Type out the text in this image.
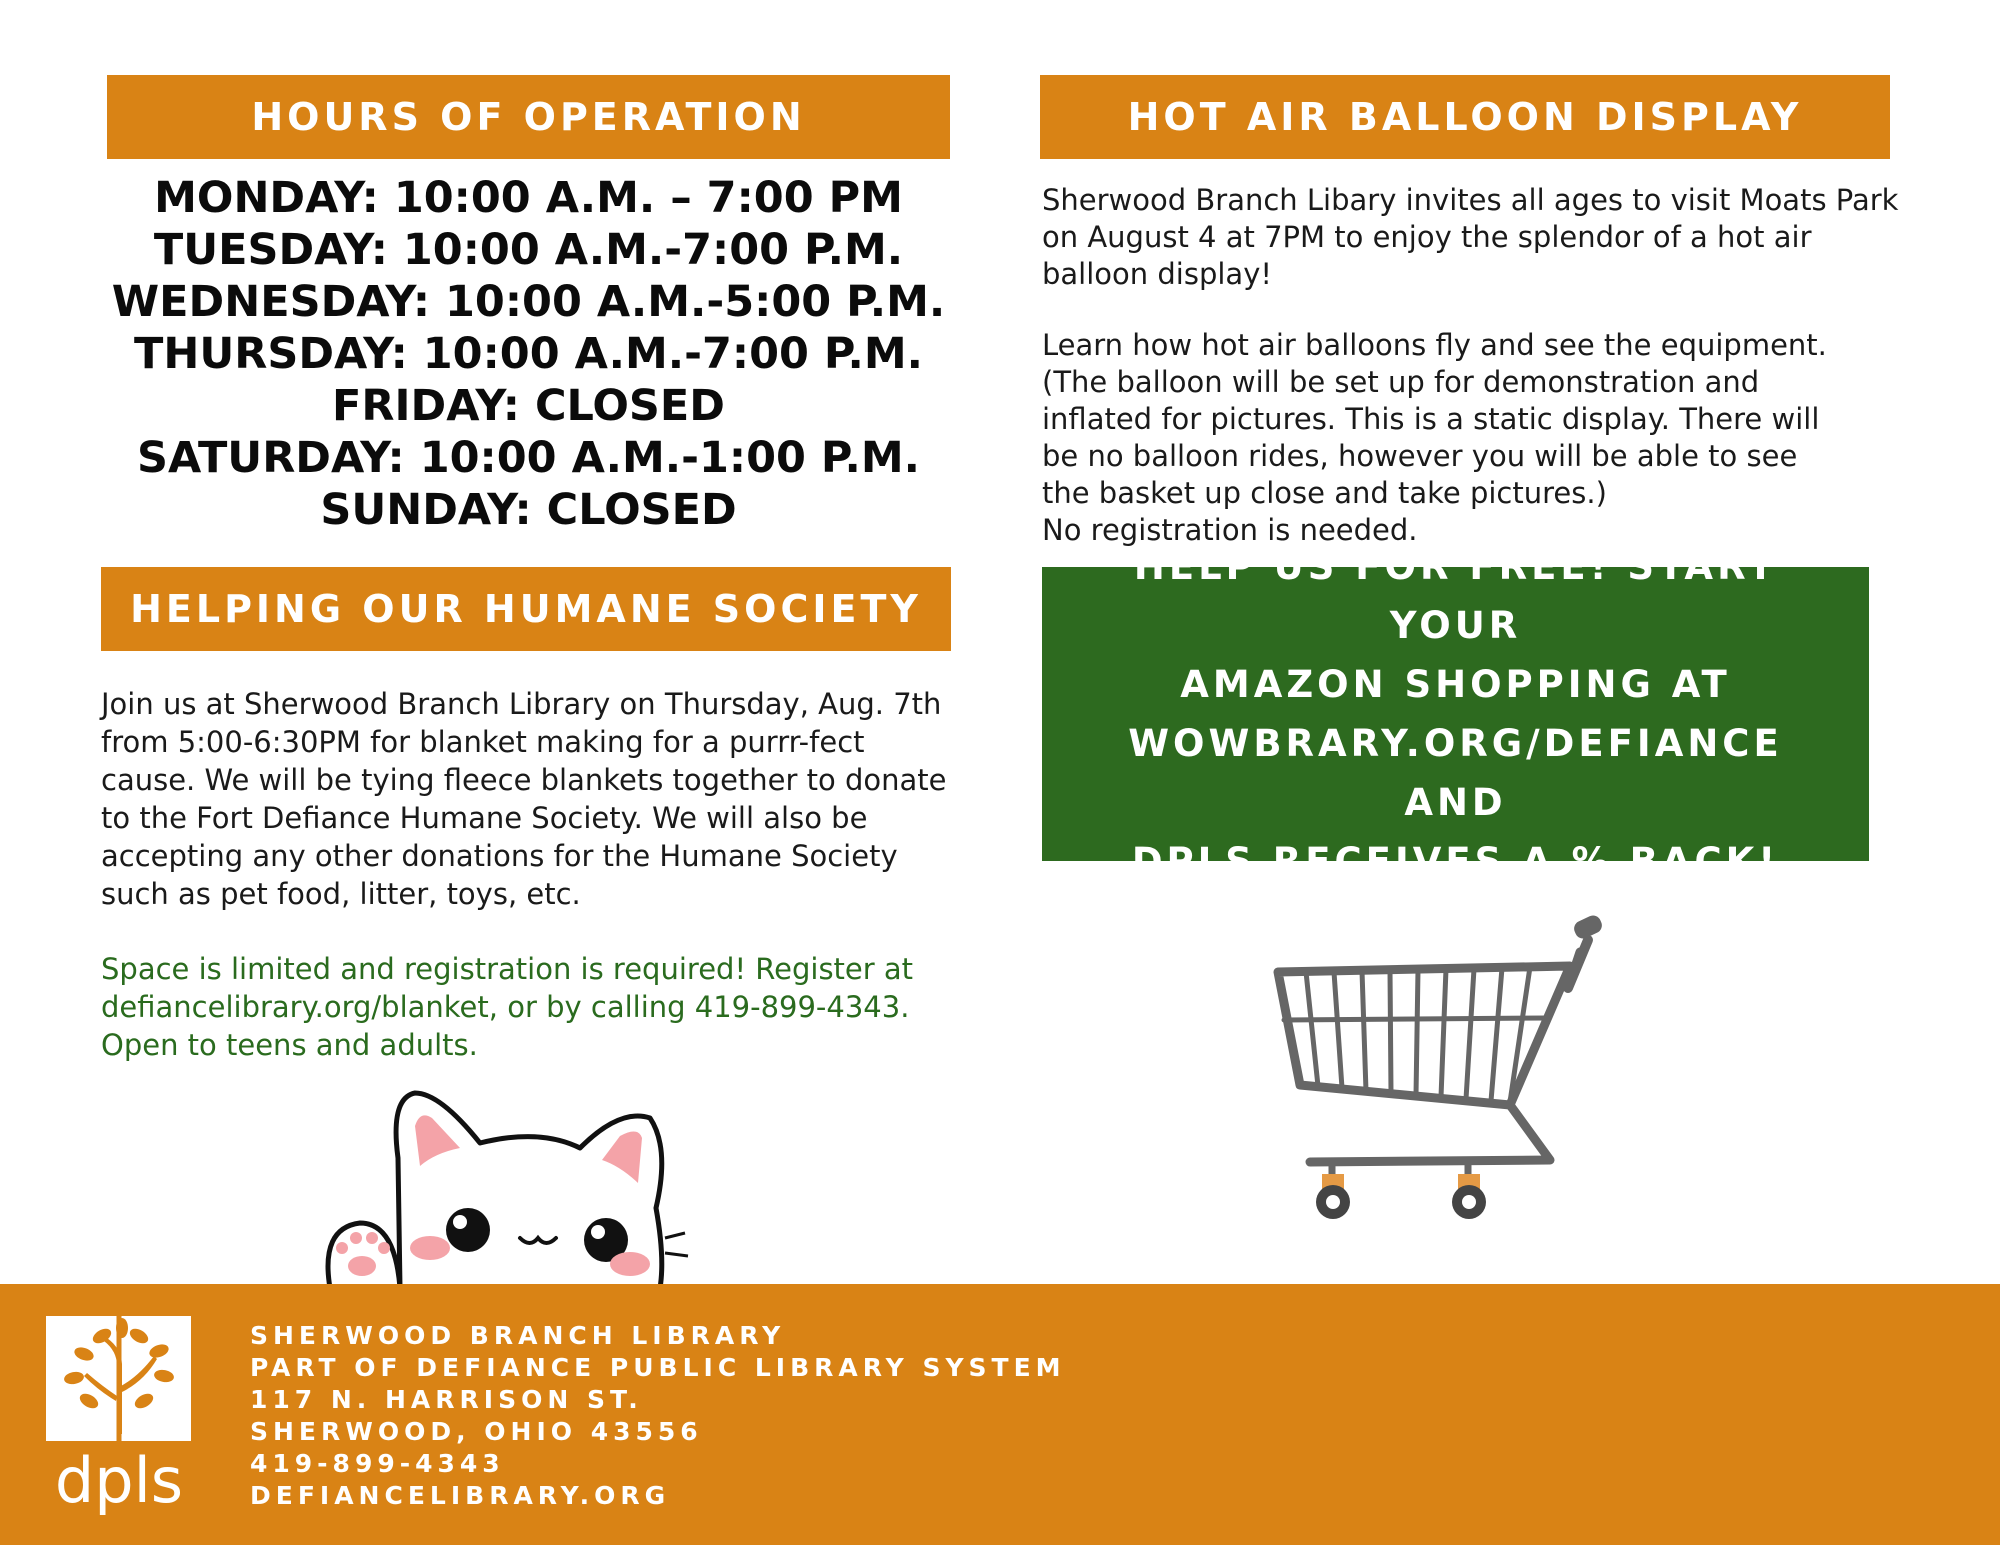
HOURS OF OPERATION
MONDAY: 10:00 A.M. – 7:00 PM
TUESDAY: 10:00 A.M.-7:00 P.M.
WEDNESDAY: 10:00 A.M.-5:00 P.M.
THURSDAY: 10:00 A.M.-7:00 P.M.
FRIDAY: CLOSED
SATURDAY: 10:00 A.M.-1:00 P.M.
SUNDAY: CLOSED
HOT AIR BALLOON DISPLAY

Sherwood Branch Libary invites all ages to visit Moats Park on August 4 at 7PM to enjoy the splendor of a hot air balloon display!

Learn how hot air balloons fly and see the equipment.
(The balloon will be set up for demonstration and
inflated for pictures. This is a static display. There will
be no balloon rides, however you will be able to see
the basket up close and take pictures.)
No registration is needed.
HELPING OUR HUMANE SOCIETY

Join us at Sherwood Branch Library on Thursday, Aug. 7th from 5:00-6:30PM for blanket making for a purrr-fect cause. We will be tying fleece blankets together to donate to the Fort Defiance Humane Society. We will also be accepting any other donations for the Humane Society such as pet food, litter, toys, etc.

Space is limited and registration is required! Register at defiancelibrary.org/blanket, or by calling 419-899-4343. Open to teens and adults.

HELP US FOR FREE! START YOUR
AMAZON SHOPPING AT
WOWBRARY.ORG/DEFIANCE AND
DPLS RECEIVES A % BACK!
dpls
SHERWOOD BRANCH LIBRARY
PART OF DEFIANCE PUBLIC LIBRARY SYSTEM
117 N. HARRISON ST.
SHERWOOD, OHIO 43556
419-899-4343
DEFIANCELIBRARY.ORG
